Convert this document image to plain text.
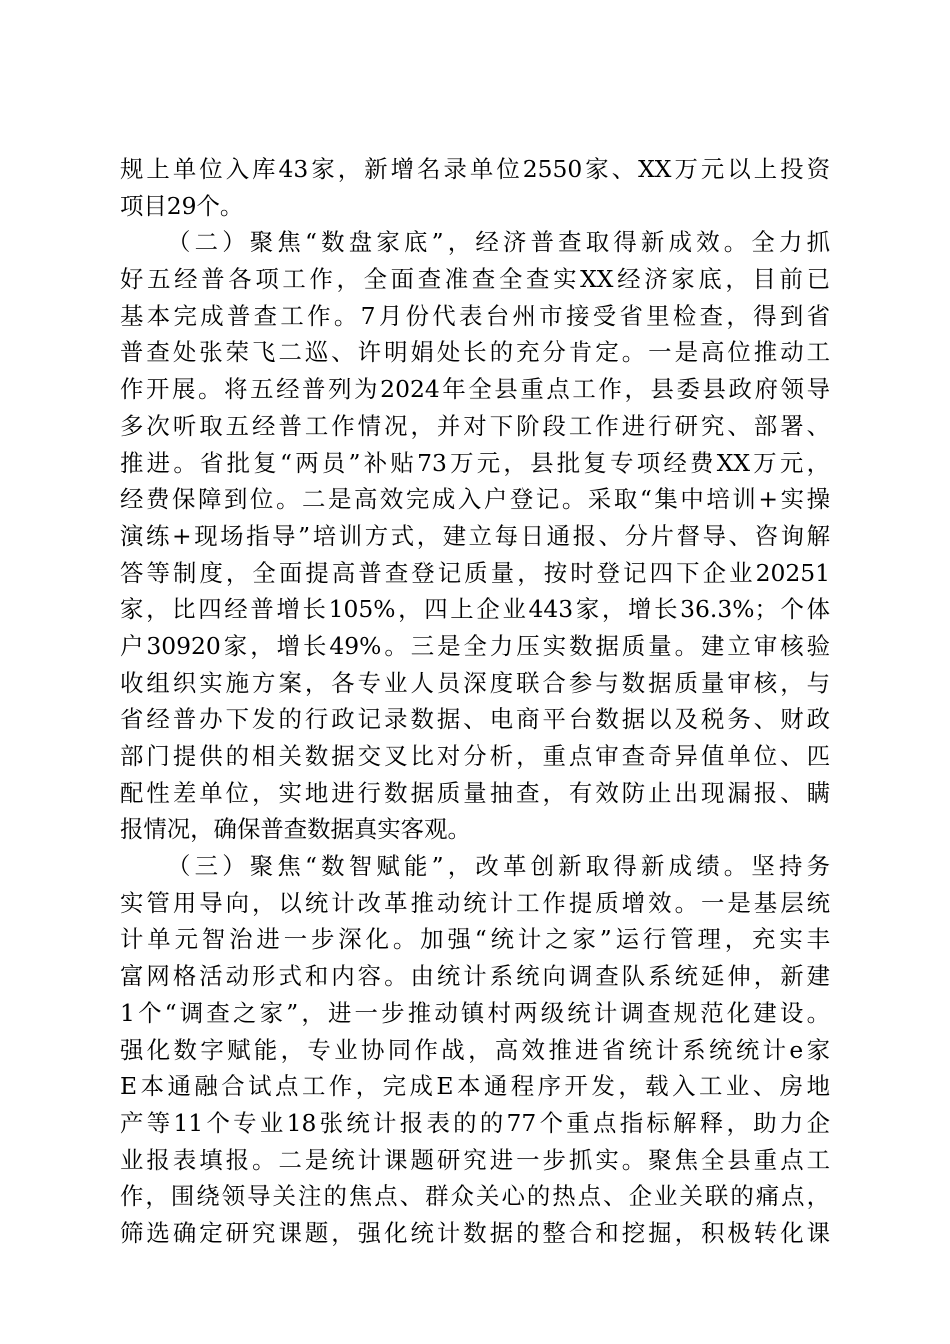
规上单位入库43家，新增名录单位2550家、XX万元以上投资
项目29个。
（二）聚焦“数盘家底”，经济普查取得新成效。全力抓
好五经普各项工作，全面查准查全查实XX经济家底，目前已
基本完成普查工作。7月份代表台州市接受省里检查，得到省
普查处张荣飞二巡、许明娟处长的充分肯定。一是高位推动工
作开展。将五经普列为2024年全县重点工作，县委县政府领导
多次听取五经普工作情况，并对下阶段工作进行研究、部署、
推进。省批复“两员”补贴73万元，县批复专项经费XX万元，
经费保障到位。二是高效完成入户登记。采取“集中培训+实操
演练+现场指导”培训方式，建立每日通报、分片督导、咨询解
答等制度，全面提高普查登记质量，按时登记四下企业20251
家，比四经普增长105%，四上企业443家，增长36.3%；个体
户30920家，增长49%。三是全力压实数据质量。建立审核验
收组织实施方案，各专业人员深度联合参与数据质量审核，与
省经普办下发的行政记录数据、电商平台数据以及税务、财政
部门提供的相关数据交叉比对分析，重点审查奇异值单位、匹
配性差单位，实地进行数据质量抽查，有效防止出现漏报、瞒
报情况，确保普查数据真实客观。
（三）聚焦“数智赋能”，改革创新取得新成绩。坚持务
实管用导向，以统计改革推动统计工作提质增效。一是基层统
计单元智治进一步深化。加强“统计之家”运行管理，充实丰
富网格活动形式和内容。由统计系统向调查队系统延伸，新建
1个“调查之家”，进一步推动镇村两级统计调查规范化建设。
强化数字赋能，专业协同作战，高效推进省统计系统统计e家
E本通融合试点工作，完成E本通程序开发，载入工业、房地
产等11个专业18张统计报表的的77个重点指标解释，助力企
业报表填报。二是统计课题研究进一步抓实。聚焦全县重点工
作，围绕领导关注的焦点、群众关心的热点、企业关联的痛点，
筛选确定研究课题，强化统计数据的整合和挖掘，积极转化课
